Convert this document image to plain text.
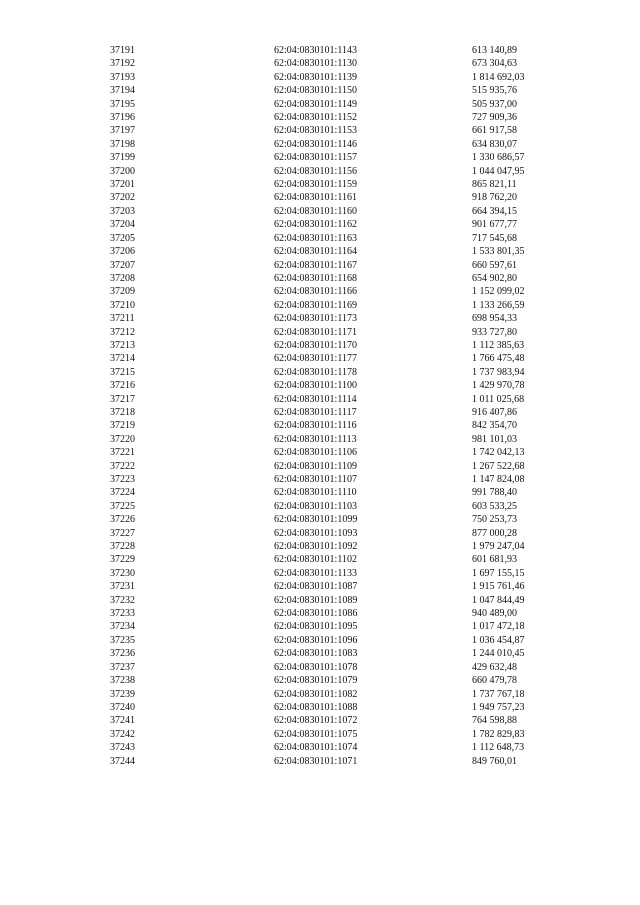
37191	62:04:0830101:1143	613 140,89
37192	62:04:0830101:1130	673 304,63
37193	62:04:0830101:1139	1 814 692,03
37194	62:04:0830101:1150	515 935,76
37195	62:04:0830101:1149	505 937,00
37196	62:04:0830101:1152	727 909,36
37197	62:04:0830101:1153	661 917,58
37198	62:04:0830101:1146	634 830,07
37199	62:04:0830101:1157	1 330 686,57
37200	62:04:0830101:1156	1 044 047,95
37201	62:04:0830101:1159	865 821,11
37202	62:04:0830101:1161	918 762,20
37203	62:04:0830101:1160	664 394,15
37204	62:04:0830101:1162	901 677,77
37205	62:04:0830101:1163	717 545,68
37206	62:04:0830101:1164	1 533 801,35
37207	62:04:0830101:1167	660 597,61
37208	62:04:0830101:1168	654 902,80
37209	62:04:0830101:1166	1 152 099,02
37210	62:04:0830101:1169	1 133 266,59
37211	62:04:0830101:1173	698 954,33
37212	62:04:0830101:1171	933 727,80
37213	62:04:0830101:1170	1 112 385,63
37214	62:04:0830101:1177	1 766 475,48
37215	62:04:0830101:1178	1 737 983,94
37216	62:04:0830101:1100	1 429 970,78
37217	62:04:0830101:1114	1 011 025,68
37218	62:04:0830101:1117	916 407,86
37219	62:04:0830101:1116	842 354,70
37220	62:04:0830101:1113	981 101,03
37221	62:04:0830101:1106	1 742 042,13
37222	62:04:0830101:1109	1 267 522,68
37223	62:04:0830101:1107	1 147 824,08
37224	62:04:0830101:1110	991 788,40
37225	62:04:0830101:1103	603 533,25
37226	62:04:0830101:1099	750 253,73
37227	62:04:0830101:1093	877 000,28
37228	62:04:0830101:1092	1 979 247,04
37229	62:04:0830101:1102	601 681,93
37230	62:04:0830101:1133	1 697 155,15
37231	62:04:0830101:1087	1 915 761,46
37232	62:04:0830101:1089	1 047 844,49
37233	62:04:0830101:1086	940 489,00
37234	62:04:0830101:1095	1 017 472,18
37235	62:04:0830101:1096	1 036 454,87
37236	62:04:0830101:1083	1 244 010,45
37237	62:04:0830101:1078	429 632,48
37238	62:04:0830101:1079	660 479,78
37239	62:04:0830101:1082	1 737 767,18
37240	62:04:0830101:1088	1 949 757,23
37241	62:04:0830101:1072	764 598,88
37242	62:04:0830101:1075	1 782 829,83
37243	62:04:0830101:1074	1 112 648,73
37244	62:04:0830101:1071	849 760,01
